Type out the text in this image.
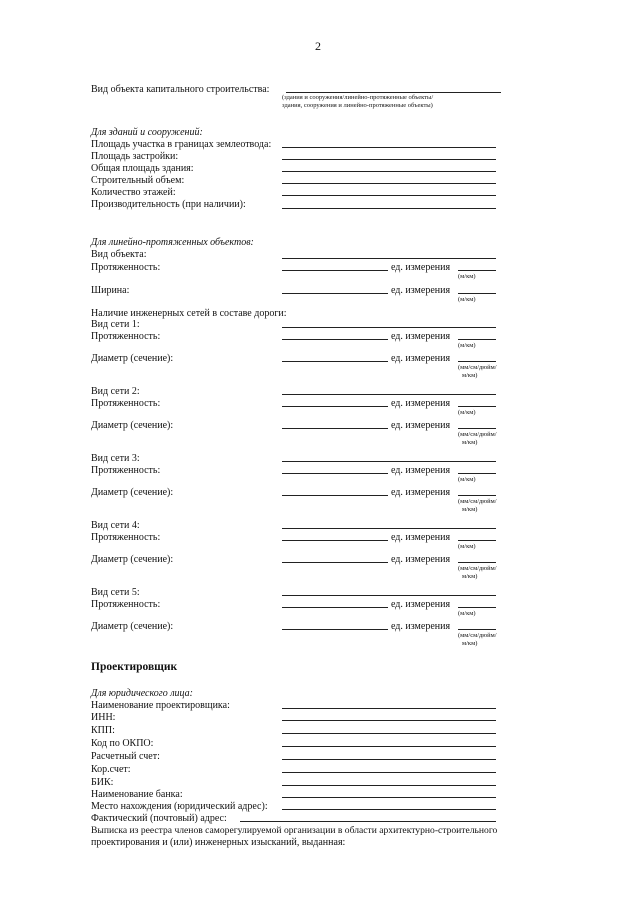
2
Вид объекта капитального строительства:
(здания и сооружения/линейно-протяженные объекты/
здания, сооружения и линейно-протяженные объекты)
Для зданий и сооружений:
Площадь участка в границах землеотвода:
Площадь застройки:
Общая площадь здания:
Строительный объем:
Количество этажей:
Производительность (при наличии):
Для линейно-протяженных объектов:
Вид объекта:
Протяженность:	ед. измерения
(м/км)
Ширина:	ед. измерения
(м/км)
Наличие инженерных сетей в составе дороги:
Вид сети 1:
Протяженность:	ед. измерения
(м/км)
Диаметр (сечение):	ед. измерения
(мм/см/дюйм/
м/км)
Вид сети 2:
Протяженность:	ед. измерения
(м/км)
Диаметр (сечение):	ед. измерения
(мм/см/дюйм/
м/км)
Вид сети 3:
Протяженность:	ед. измерения
(м/км)
Диаметр (сечение):	ед. измерения
(мм/см/дюйм/
м/км)
Вид сети 4:
Протяженность:	ед. измерения
(м/км)
Диаметр (сечение):	ед. измерения
(мм/см/дюйм/
м/км)
Вид сети 5:
Протяженность:	ед. измерения
(м/км)
Диаметр (сечение):	ед. измерения
(мм/см/дюйм/
м/км)
Проектировщик
Для юридического лица:
Наименование проектировщика:
ИНН:
КПП:
Код по ОКПО:
Расчетный счет:
Кор.счет:
БИК:
Наименование банка:
Место нахождения (юридический адрес):
Фактический (почтовый) адрес:
Выписка из реестра членов саморегулируемой организации в области архитектурно-строительного
проектирования и (или) инженерных изысканий, выданная:
